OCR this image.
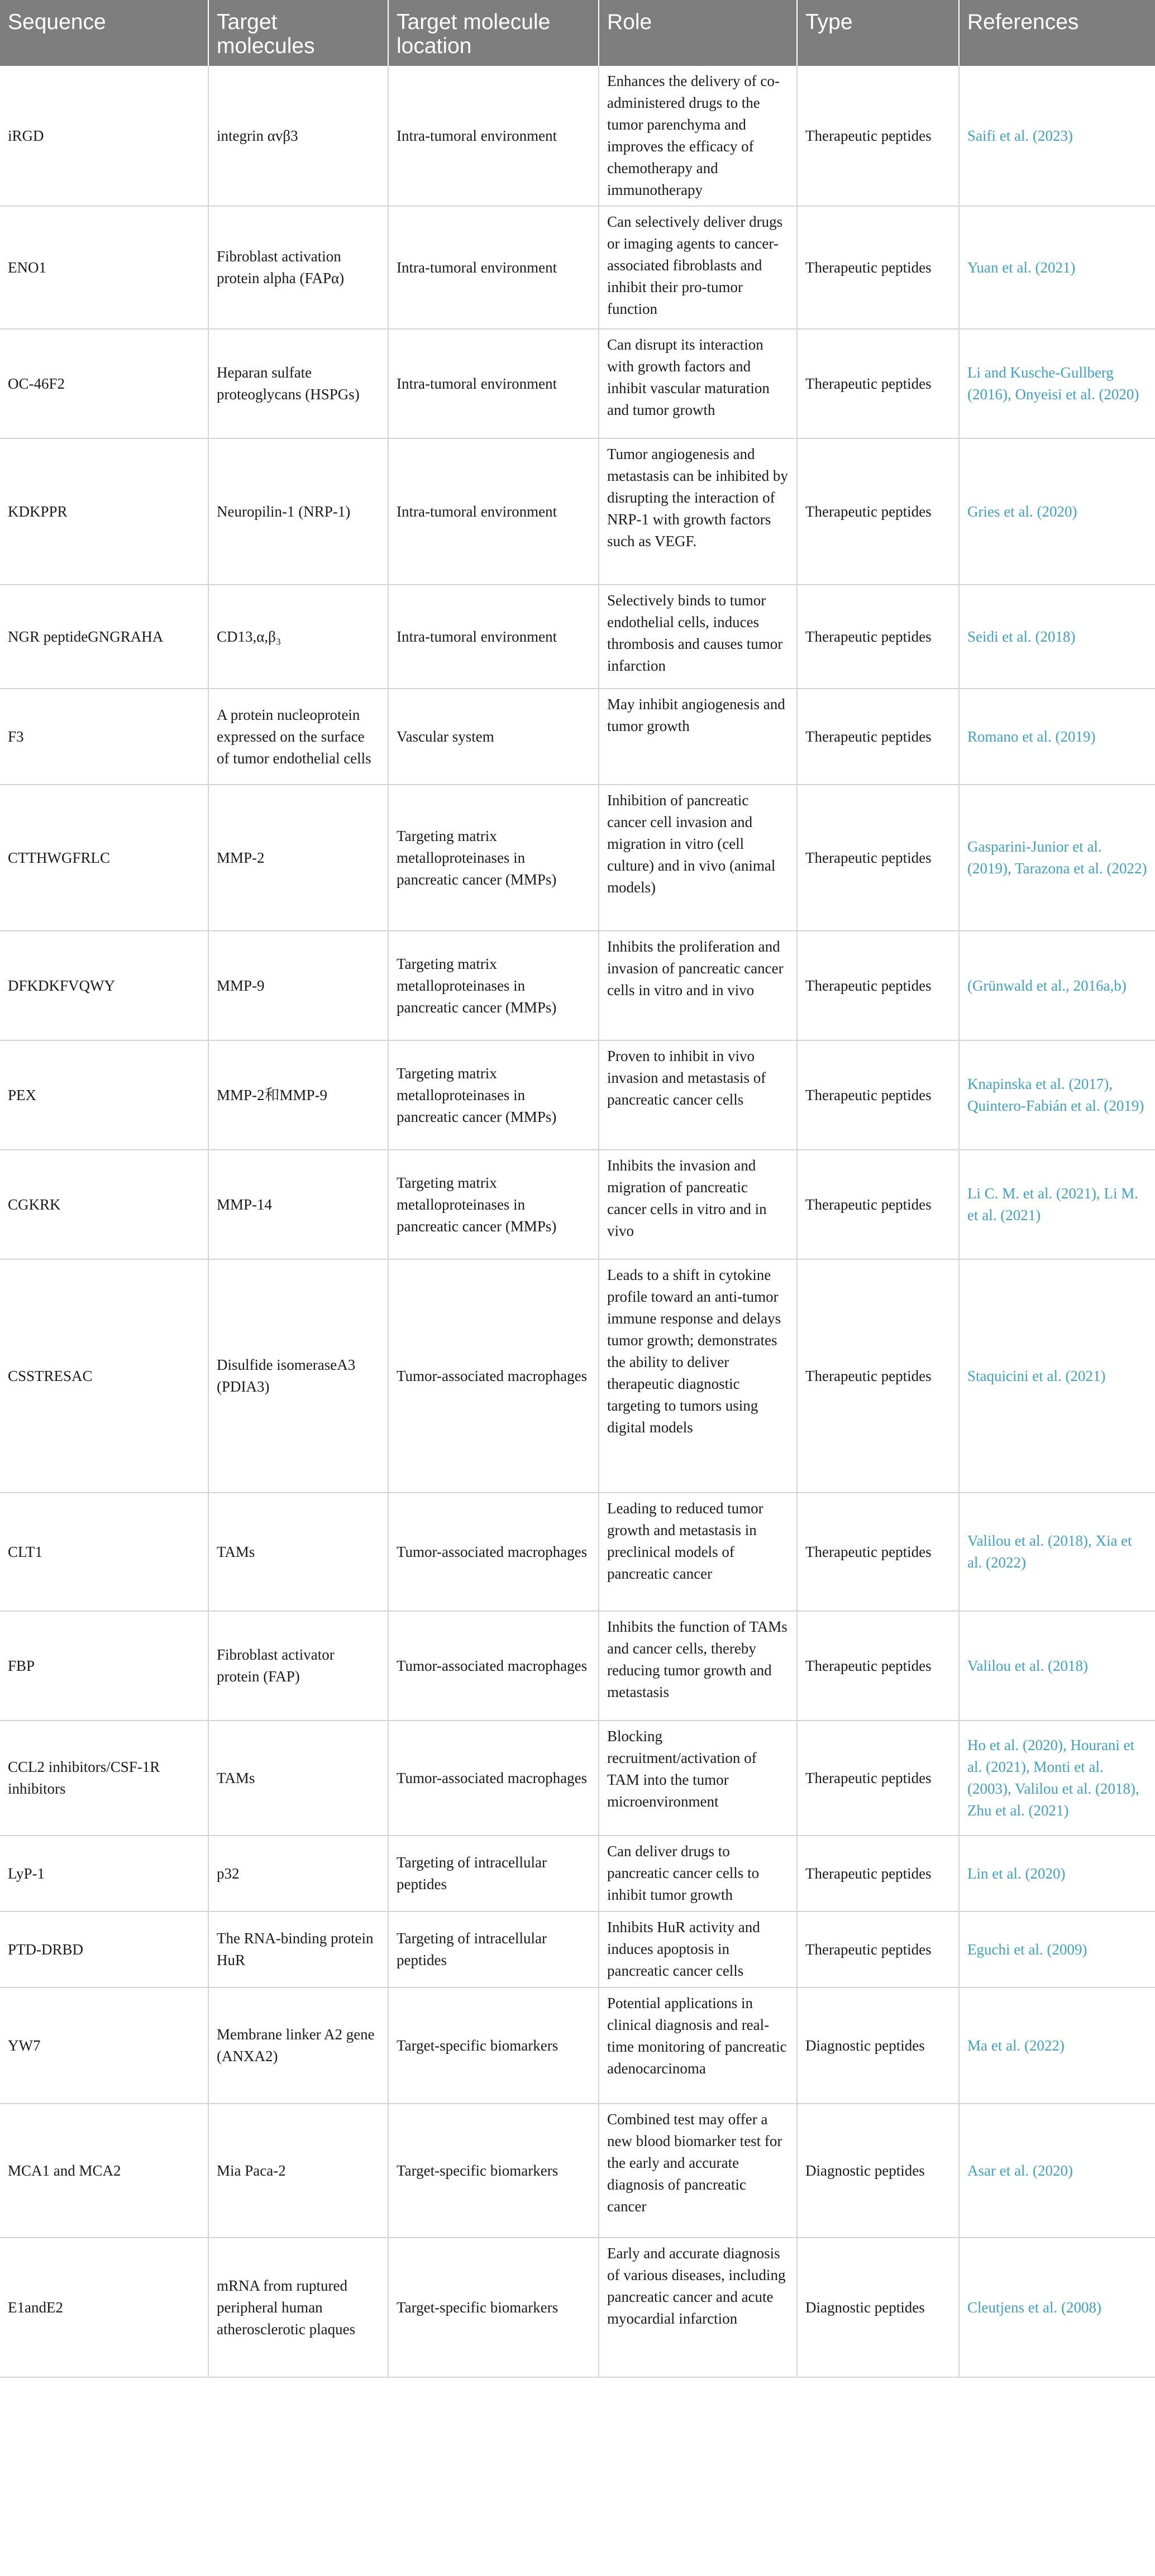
Sequence	Target molecules	Target molecule location	Role	Type	References
iRGD	integrin αvβ3	Intra-tumoral environment	Enhances the delivery of co-administered drugs to the tumor parenchyma and improves the efficacy of chemotherapy and immunotherapy	Therapeutic peptides	Saifi et al. (2023)
ENO1	Fibroblast activation protein alpha (FAPα)	Intra-tumoral environment	Can selectively deliver drugs or imaging agents to cancer-associated fibroblasts and inhibit their pro-tumor function	Therapeutic peptides	Yuan et al. (2021)
OC-46F2	Heparan sulfate proteoglycans (HSPGs)	Intra-tumoral environment	Can disrupt its interaction with growth factors and inhibit vascular maturation and tumor growth	Therapeutic peptides	Li and Kusche-Gullberg (2016), Onyeisi et al. (2020)
KDKPPR	Neuropilin-1 (NRP-1)	Intra-tumoral environment	Tumor angiogenesis and metastasis can be inhibited by disrupting the interaction of NRP-1 with growth factors such as VEGF.	Therapeutic peptides	Gries et al. (2020)
NGR peptideGNGRAHA	CD13,α,β₃	Intra-tumoral environment	Selectively binds to tumor endothelial cells, induces thrombosis and causes tumor infarction	Therapeutic peptides	Seidi et al. (2018)
F3	A protein nucleoprotein expressed on the surface of tumor endothelial cells	Vascular system	May inhibit angiogenesis and tumor growth	Therapeutic peptides	Romano et al. (2019)
CTTHWGFRLC	MMP-2	Targeting matrix metalloproteinases in pancreatic cancer (MMPs)	Inhibition of pancreatic cancer cell invasion and migration in vitro (cell culture) and in vivo (animal models)	Therapeutic peptides	Gasparini-Junior et al. (2019), Tarazona et al. (2022)
DFKDKFVQWY	MMP-9	Targeting matrix metalloproteinases in pancreatic cancer (MMPs)	Inhibits the proliferation and invasion of pancreatic cancer cells in vitro and in vivo	Therapeutic peptides	(Grünwald et al., 2016a,b)
PEX	MMP-2和MMP-9	Targeting matrix metalloproteinases in pancreatic cancer (MMPs)	Proven to inhibit in vivo invasion and metastasis of pancreatic cancer cells	Therapeutic peptides	Knapinska et al. (2017), Quintero-Fabián et al. (2019)
CGKRK	MMP-14	Targeting matrix metalloproteinases in pancreatic cancer (MMPs)	Inhibits the invasion and migration of pancreatic cancer cells in vitro and in vivo	Therapeutic peptides	Li C. M. et al. (2021), Li M. et al. (2021)
CSSTRESAC	Disulfide isomeraseA3 (PDIA3)	Tumor-associated macrophages	Leads to a shift in cytokine profile toward an anti-tumor immune response and delays tumor growth; demonstrates the ability to deliver therapeutic diagnostic targeting to tumors using digital models	Therapeutic peptides	Staquicini et al. (2021)
CLT1	TAMs	Tumor-associated macrophages	Leading to reduced tumor growth and metastasis in preclinical models of pancreatic cancer	Therapeutic peptides	Valilou et al. (2018), Xia et al. (2022)
FBP	Fibroblast activator protein (FAP)	Tumor-associated macrophages	Inhibits the function of TAMs and cancer cells, thereby reducing tumor growth and metastasis	Therapeutic peptides	Valilou et al. (2018)
CCL2 inhibitors/CSF-1R inhibitors	TAMs	Tumor-associated macrophages	Blocking recruitment/activation of TAM into the tumor microenvironment	Therapeutic peptides	Ho et al. (2020), Hourani et al. (2021), Monti et al. (2003), Valilou et al. (2018), Zhu et al. (2021)
LyP-1	p32	Targeting of intracellular peptides	Can deliver drugs to pancreatic cancer cells to inhibit tumor growth	Therapeutic peptides	Lin et al. (2020)
PTD-DRBD	The RNA-binding protein HuR	Targeting of intracellular peptides	Inhibits HuR activity and induces apoptosis in pancreatic cancer cells	Therapeutic peptides	Eguchi et al. (2009)
YW7	Membrane linker A2 gene (ANXA2)	Target-specific biomarkers	Potential applications in clinical diagnosis and real-time monitoring of pancreatic adenocarcinoma	Diagnostic peptides	Ma et al. (2022)
MCA1 and MCA2	Mia Paca-2	Target-specific biomarkers	Combined test may offer a new blood biomarker test for the early and accurate diagnosis of pancreatic cancer	Diagnostic peptides	Asar et al. (2020)
E1andE2	mRNA from ruptured peripheral human atherosclerotic plaques	Target-specific biomarkers	Early and accurate diagnosis of various diseases, including pancreatic cancer and acute myocardial infarction	Diagnostic peptides	Cleutjens et al. (2008)
